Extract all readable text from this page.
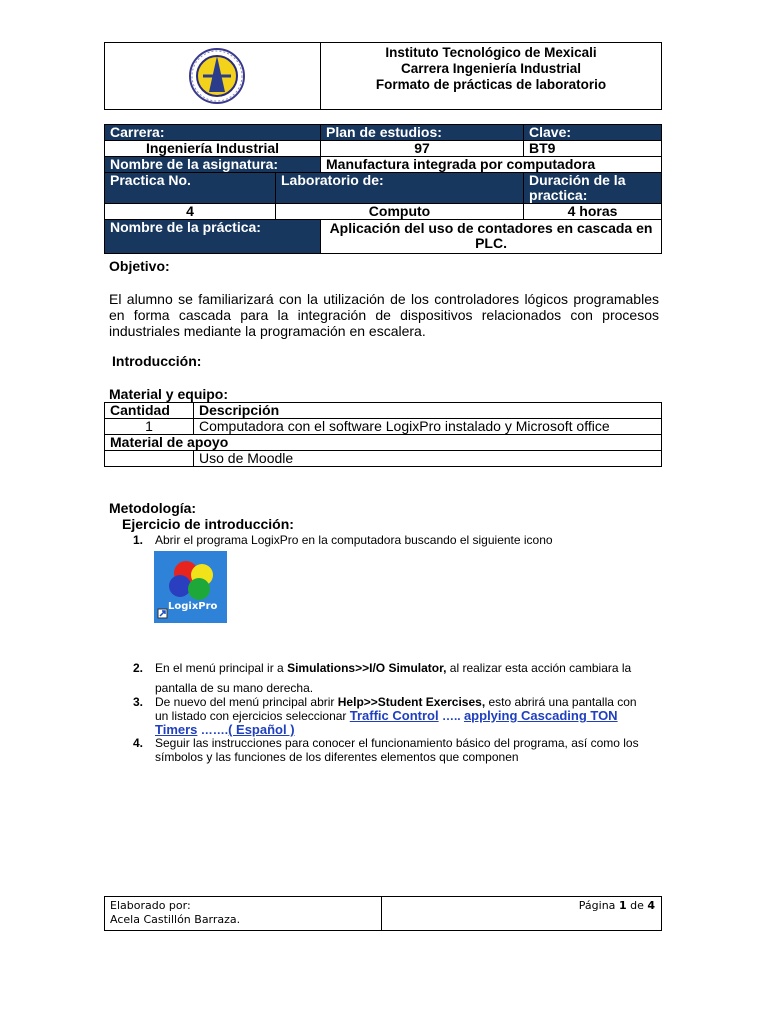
Instituto Tecnológico de Mexicali
Carrera Ingeniería Industrial
Formato de prácticas de laboratorio
Carrera:		Plan de estudios:	Clave:
Ingeniería Industrial		97	BT9
Nombre de la asignatura:		Manufactura integrada por computadora	
Practica No.	Laboratorio de:		Duración de la practica:
4	Computo		4 horas
Nombre de la práctica:		Aplicación del uso de contadores en cascada en PLC.	
Objetivo:
El alumno se familiarizará con la utilización de los controladores lógicos programables en forma cascada para la integración de dispositivos relacionados con procesos industriales mediante la programación en escalera.
Introducción:
Material y equipo:
Cantidad	Descripción
1	Computadora con el software LogixPro instalado y Microsoft office
Material de apoyo	
	Uso de Moodle
Metodología:
Ejercicio de introducción:
1. Abrir el programa LogixPro en la computadora buscando el siguiente icono
LogixPro
2. En el menú principal ir a Simulations>>I/O Simulator, al realizar esta acción cambiara la
pantalla de su mano derecha.
3. De nuevo del menú principal abrir Help>>Student Exercises, esto abrirá una pantalla con
un listado con ejercicios seleccionar Traffic Control ….. applying Cascading TON
Timers …….( Español )
4. Seguir las instrucciones para conocer el funcionamiento básico del programa, así como los símbolos y las funciones de los diferentes elementos que componen
Elaborado por:
Acela Castillón Barraza.
	Página 1 de 4
